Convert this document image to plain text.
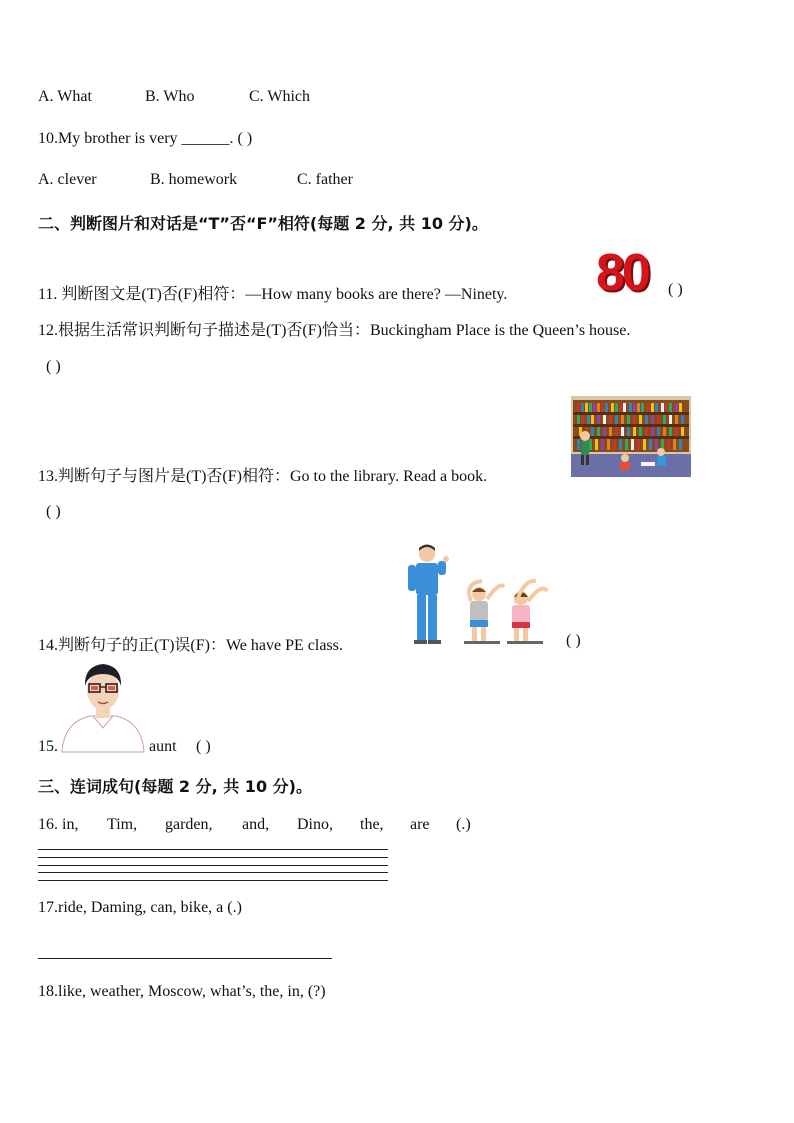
A. What	B. Who	C. Which
10.My brother is very ______. ( )
A. clever	B. homework	C. father
二、判断图片和对话是“T”否“F”相符(每题 2 分, 共 10 分)。
11. 判断图文是(T)否(F)相符：—How many books are there? —Ninety. 80 ( )
12.根据生活常识判断句子描述是(T)否(F)恰当：Buckingham Place is the Queen’s house.
( )
13.判断句子与图片是(T)否(F)相符：Go to the library. Read a book.
( )
14.判断句子的正(T)误(F)：We have PE class.	( )
15.	aunt ( )
三、连词成句(每题 2 分, 共 10 分)。
16. in, Tim, garden, and, Dino, the, are (.)
17.ride, Daming, can, bike, a (.)
18.like, weather, Moscow, what’s, the, in, (?)
